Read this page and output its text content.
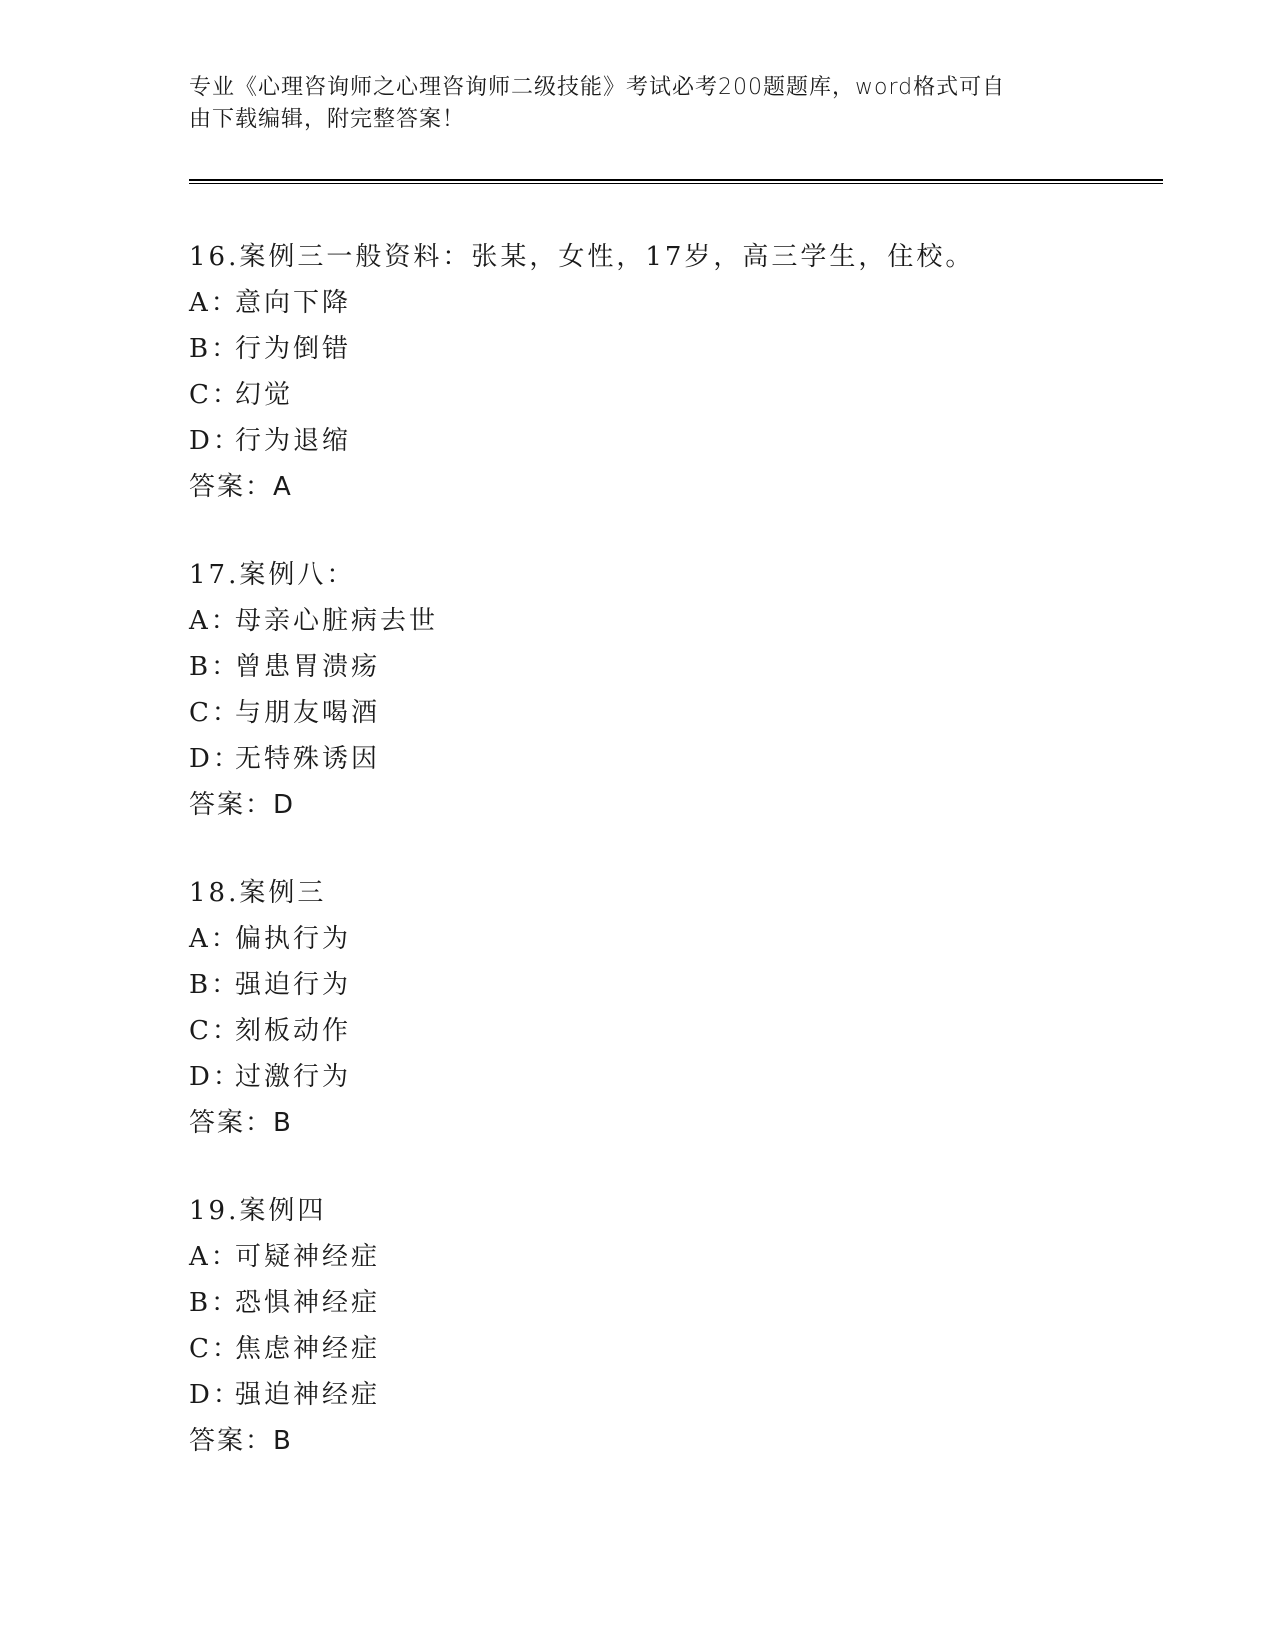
专业《心理咨询师之心理咨询师二级技能》考试必考200题题库，word格式可自
由下载编辑，附完整答案！
16.案例三一般资料：张某，女性，17岁，高三学生，住校。
A：意向下降
B：行为倒错
C：幻觉
D：行为退缩
答案：A
17.案例八：
A：母亲心脏病去世
B：曾患胃溃疡
C：与朋友喝酒
D：无特殊诱因
答案：D
18.案例三
A：偏执行为
B：强迫行为
C：刻板动作
D：过激行为
答案：B
19.案例四
A：可疑神经症
B：恐惧神经症
C：焦虑神经症
D：强迫神经症
答案：B
